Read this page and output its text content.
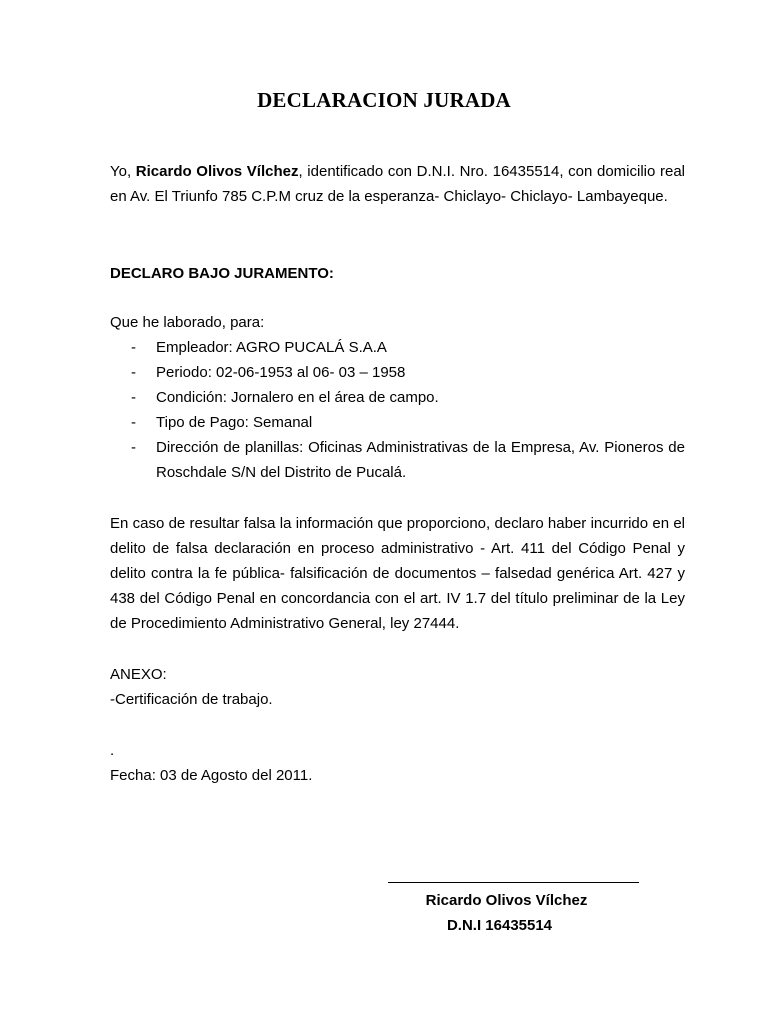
DECLARACION JURADA
Yo, Ricardo Olivos Vílchez, identificado con D.N.I. Nro. 16435514, con domicilio real en Av. El Triunfo 785 C.P.M cruz de la esperanza- Chiclayo- Chiclayo- Lambayeque.
DECLARO BAJO JURAMENTO:
Que he laborado, para:
- Empleador: AGRO PUCALÁ S.A.A
- Periodo: 02-06-1953 al 06- 03 – 1958
- Condición: Jornalero en el área de campo.
- Tipo de Pago: Semanal
- Dirección de planillas: Oficinas Administrativas de la Empresa, Av. Pioneros de Roschdale S/N del Distrito de Pucalá.
En caso de resultar falsa la información que proporciono, declaro haber incurrido en el delito de falsa declaración en proceso administrativo - Art. 411 del Código Penal y delito contra la fe pública- falsificación de documentos – falsedad genérica Art. 427 y 438 del Código Penal en concordancia con el art. IV 1.7 del título preliminar de la Ley de Procedimiento Administrativo General, ley 27444.
ANEXO:
-Certificación de trabajo.
.
Fecha: 03 de Agosto del 2011.
Ricardo Olivos Vílchez
D.N.I 16435514
